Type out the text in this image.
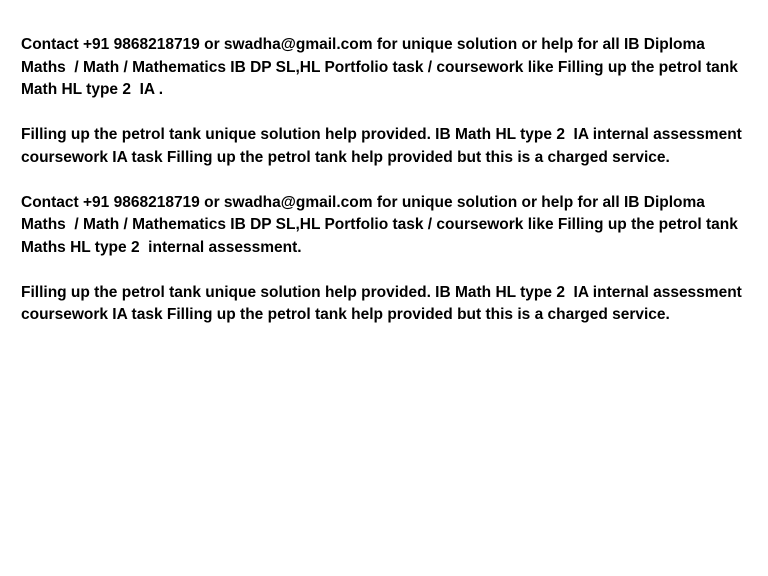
Contact +91 9868218719 or swadha@gmail.com for unique solution or help for all IB Diploma Maths  / Math / Mathematics IB DP SL,HL Portfolio task / coursework like Filling up the petrol tank Math HL type 2  IA .

Filling up the petrol tank unique solution help provided. IB Math HL type 2  IA internal assessment coursework IA task Filling up the petrol tank help provided but this is a charged service.

Contact +91 9868218719 or swadha@gmail.com for unique solution or help for all IB Diploma Maths  / Math / Mathematics IB DP SL,HL Portfolio task / coursework like Filling up the petrol tank Maths HL type 2  internal assessment.

Filling up the petrol tank unique solution help provided. IB Math HL type 2  IA internal assessment coursework IA task Filling up the petrol tank help provided but this is a charged service.
